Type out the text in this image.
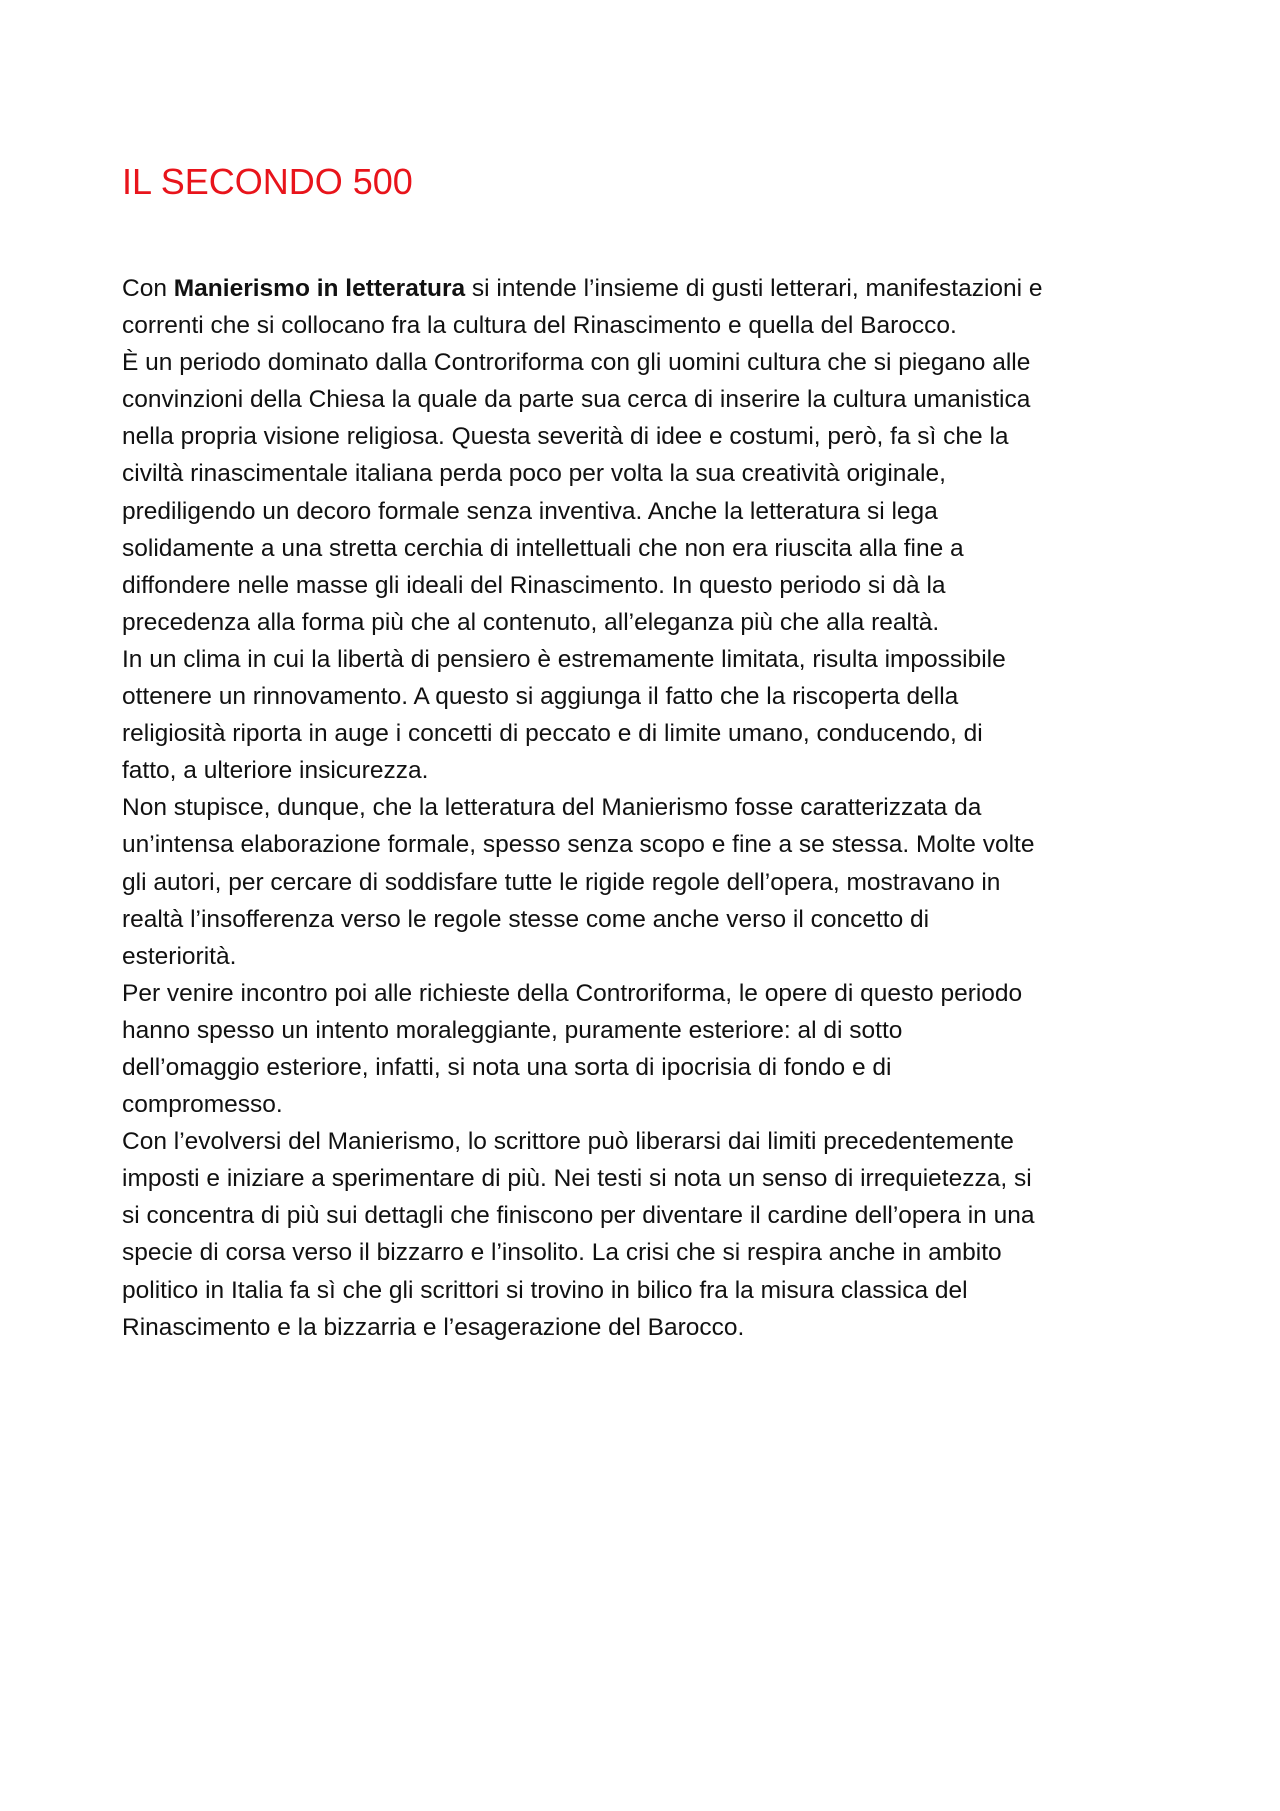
IL SECONDO 500
Con Manierismo in letteratura si intende l’insieme di gusti letterari, manifestazioni e
correnti che si collocano fra la cultura del Rinascimento e quella del Barocco.
È un periodo dominato dalla Controriforma con gli uomini cultura che si piegano alle
convinzioni della Chiesa la quale da parte sua cerca di inserire la cultura umanistica
nella propria visione religiosa. Questa severità di idee e costumi, però, fa sì che la
civiltà rinascimentale italiana perda poco per volta la sua creatività originale,
prediligendo un decoro formale senza inventiva. Anche la letteratura si lega
solidamente a una stretta cerchia di intellettuali che non era riuscita alla fine a
diffondere nelle masse gli ideali del Rinascimento. In questo periodo si dà la
precedenza alla forma più che al contenuto, all’eleganza più che alla realtà.
In un clima in cui la libertà di pensiero è estremamente limitata, risulta impossibile
ottenere un rinnovamento. A questo si aggiunga il fatto che la riscoperta della
religiosità riporta in auge i concetti di peccato e di limite umano, conducendo, di
fatto, a ulteriore insicurezza.
Non stupisce, dunque, che la letteratura del Manierismo fosse caratterizzata da
un’intensa elaborazione formale, spesso senza scopo e fine a se stessa. Molte volte
gli autori, per cercare di soddisfare tutte le rigide regole dell’opera, mostravano in
realtà l’insofferenza verso le regole stesse come anche verso il concetto di
esteriorità.
Per venire incontro poi alle richieste della Controriforma, le opere di questo periodo
hanno spesso un intento moraleggiante, puramente esteriore: al di sotto
dell’omaggio esteriore, infatti, si nota una sorta di ipocrisia di fondo e di
compromesso.
Con l’evolversi del Manierismo, lo scrittore può liberarsi dai limiti precedentemente
imposti e iniziare a sperimentare di più. Nei testi si nota un senso di irrequietezza, si
si concentra di più sui dettagli che finiscono per diventare il cardine dell’opera in una
specie di corsa verso il bizzarro e l’insolito. La crisi che si respira anche in ambito
politico in Italia fa sì che gli scrittori si trovino in bilico fra la misura classica del
Rinascimento e la bizzarria e l’esagerazione del Barocco.
